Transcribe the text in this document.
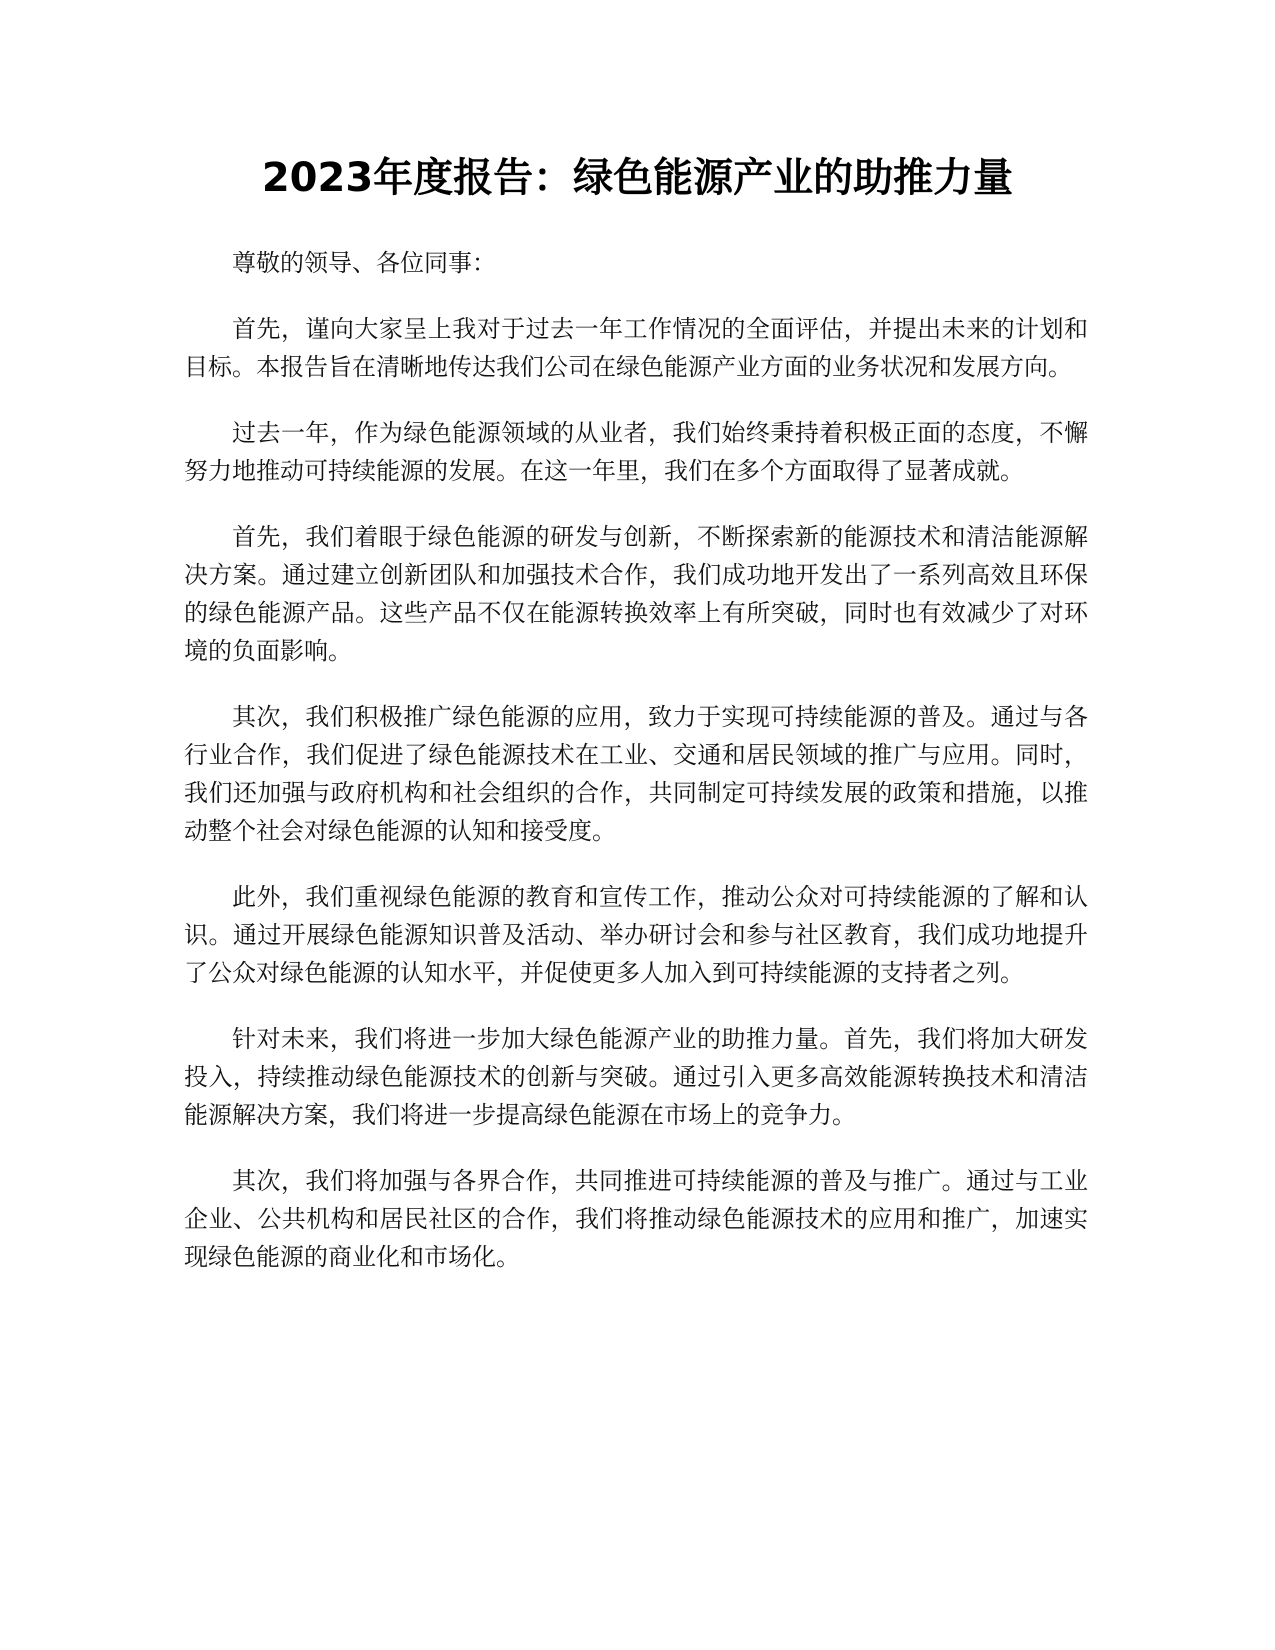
2023年度报告：绿色能源产业的助推力量

尊敬的领导、各位同事：

首先，谨向大家呈上我对于过去一年工作情况的全面评估，并提出未来的计划和目标。本报告旨在清晰地传达我们公司在绿色能源产业方面的业务状况和发展方向。

过去一年，作为绿色能源领域的从业者，我们始终秉持着积极正面的态度，不懈努力地推动可持续能源的发展。在这一年里，我们在多个方面取得了显著成就。

首先，我们着眼于绿色能源的研发与创新，不断探索新的能源技术和清洁能源解决方案。通过建立创新团队和加强技术合作，我们成功地开发出了一系列高效且环保的绿色能源产品。这些产品不仅在能源转换效率上有所突破，同时也有效减少了对环境的负面影响。

其次，我们积极推广绿色能源的应用，致力于实现可持续能源的普及。通过与各行业合作，我们促进了绿色能源技术在工业、交通和居民领域的推广与应用。同时，我们还加强与政府机构和社会组织的合作，共同制定可持续发展的政策和措施，以推动整个社会对绿色能源的认知和接受度。

此外，我们重视绿色能源的教育和宣传工作，推动公众对可持续能源的了解和认识。通过开展绿色能源知识普及活动、举办研讨会和参与社区教育，我们成功地提升了公众对绿色能源的认知水平，并促使更多人加入到可持续能源的支持者之列。

针对未来，我们将进一步加大绿色能源产业的助推力量。首先，我们将加大研发投入，持续推动绿色能源技术的创新与突破。通过引入更多高效能源转换技术和清洁能源解决方案，我们将进一步提高绿色能源在市场上的竞争力。

其次，我们将加强与各界合作，共同推进可持续能源的普及与推广。通过与工业企业、公共机构和居民社区的合作，我们将推动绿色能源技术的应用和推广，加速实现绿色能源的商业化和市场化。
